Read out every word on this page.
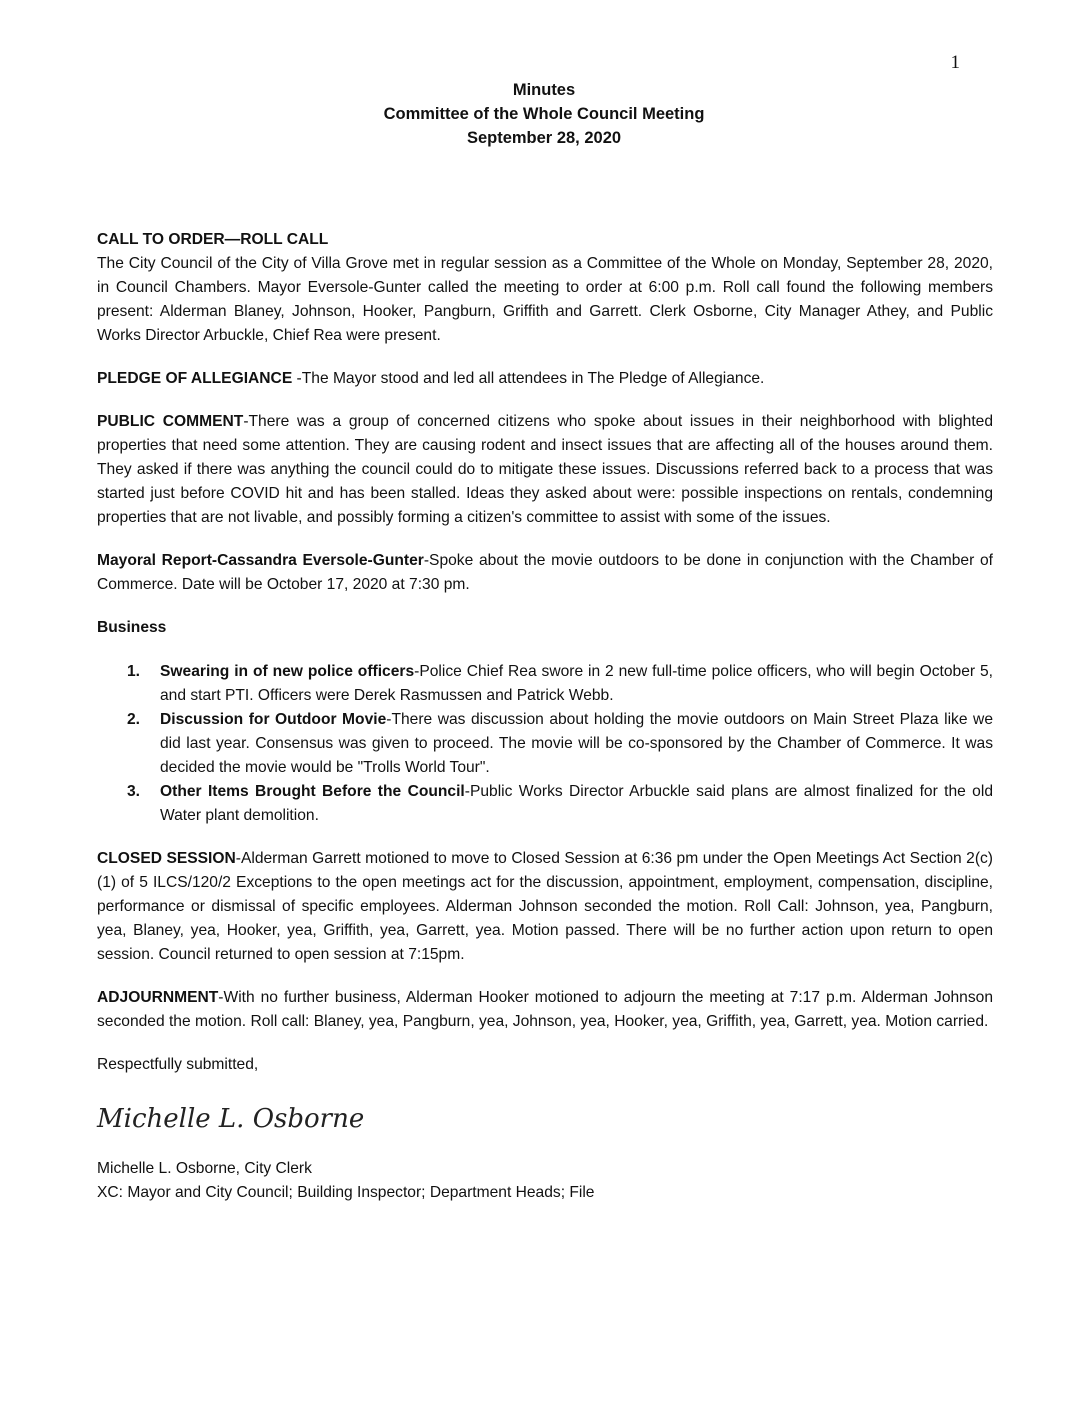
1
Minutes
Committee of the Whole Council Meeting
September 28, 2020
CALL TO ORDER—ROLL CALL
The City Council of the City of Villa Grove met in regular session as a Committee of the Whole on Monday, September 28, 2020, in Council Chambers. Mayor Eversole-Gunter called the meeting to order at 6:00 p.m. Roll call found the following members present: Alderman Blaney, Johnson, Hooker, Pangburn, Griffith and Garrett. Clerk Osborne, City Manager Athey, and Public Works Director Arbuckle, Chief Rea were present.
PLEDGE OF ALLEGIANCE -The Mayor stood and led all attendees in The Pledge of Allegiance.
PUBLIC COMMENT-There was a group of concerned citizens who spoke about issues in their neighborhood with blighted properties that need some attention. They are causing rodent and insect issues that are affecting all of the houses around them. They asked if there was anything the council could do to mitigate these issues. Discussions referred back to a process that was started just before COVID hit and has been stalled. Ideas they asked about were: possible inspections on rentals, condemning properties that are not livable, and possibly forming a citizen's committee to assist with some of the issues.
Mayoral Report-Cassandra Eversole-Gunter-Spoke about the movie outdoors to be done in conjunction with the Chamber of Commerce. Date will be October 17, 2020 at 7:30 pm.
Business
1. Swearing in of new police officers-Police Chief Rea swore in 2 new full-time police officers, who will begin October 5, and start PTI. Officers were Derek Rasmussen and Patrick Webb.
2. Discussion for Outdoor Movie-There was discussion about holding the movie outdoors on Main Street Plaza like we did last year. Consensus was given to proceed. The movie will be co-sponsored by the Chamber of Commerce. It was decided the movie would be "Trolls World Tour".
3. Other Items Brought Before the Council-Public Works Director Arbuckle said plans are almost finalized for the old Water plant demolition.
CLOSED SESSION-Alderman Garrett motioned to move to Closed Session at 6:36 pm under the Open Meetings Act Section 2(c)(1) of 5 ILCS/120/2 Exceptions to the open meetings act for the discussion, appointment, employment, compensation, discipline, performance or dismissal of specific employees. Alderman Johnson seconded the motion. Roll Call: Johnson, yea, Pangburn, yea, Blaney, yea, Hooker, yea, Griffith, yea, Garrett, yea. Motion passed. There will be no further action upon return to open session. Council returned to open session at 7:15pm.
ADJOURNMENT-With no further business, Alderman Hooker motioned to adjourn the meeting at 7:17 p.m. Alderman Johnson seconded the motion. Roll call: Blaney, yea, Pangburn, yea, Johnson, yea, Hooker, yea, Griffith, yea, Garrett, yea. Motion carried.
Respectfully submitted,
Michelle L. Osborne
Michelle L. Osborne, City Clerk
XC: Mayor and City Council; Building Inspector; Department Heads; File
